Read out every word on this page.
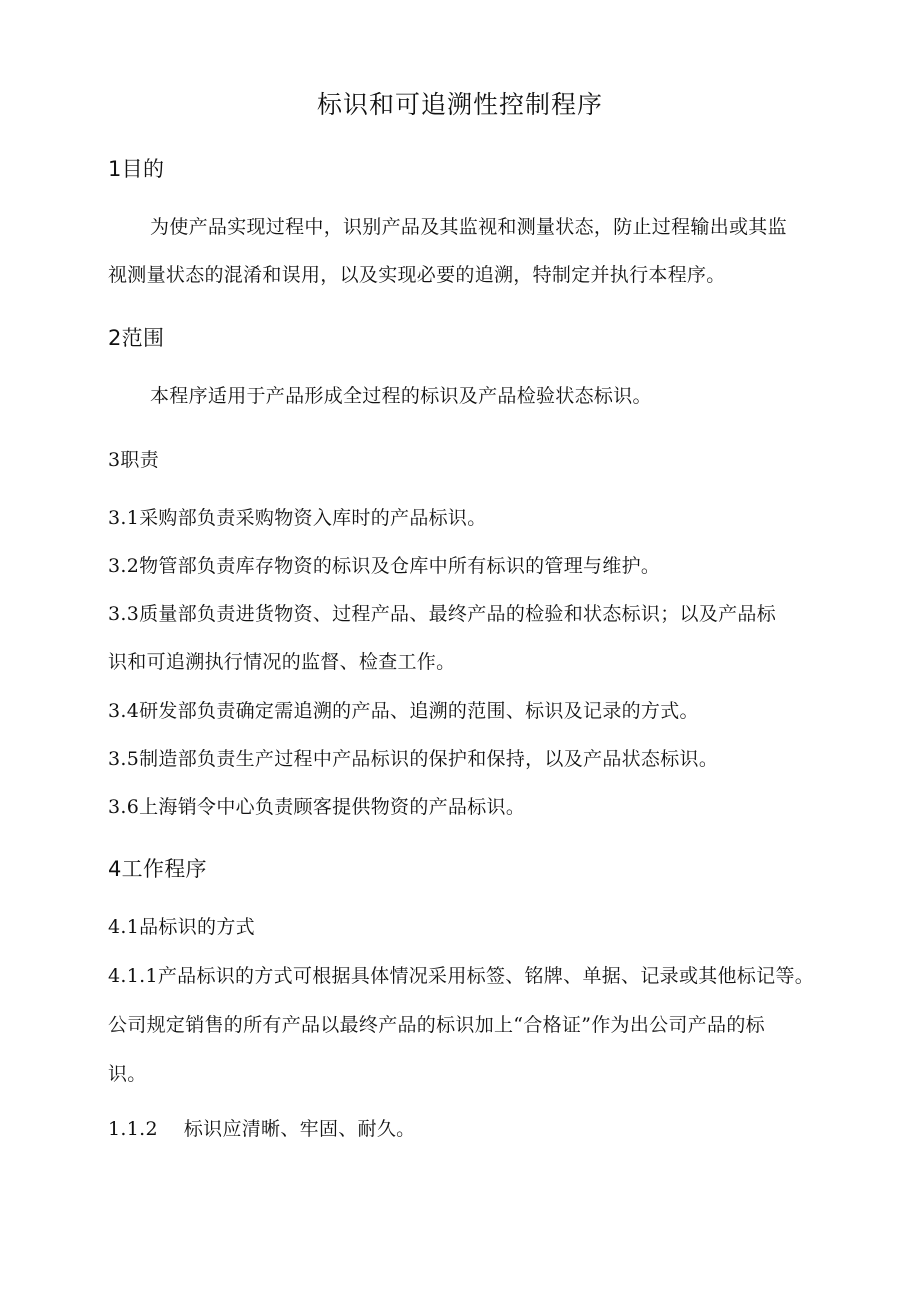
标识和可追溯性控制程序
1目的
为使产品实现过程中，识别产品及其监视和测量状态，防止过程输出或其监
视测量状态的混淆和误用，以及实现必要的追溯，特制定并执行本程序。
2范围
本程序适用于产品形成全过程的标识及产品检验状态标识。
3职责
3.1采购部负责采购物资入库时的产品标识。
3.2物管部负责库存物资的标识及仓库中所有标识的管理与维护。
3.3质量部负责进货物资、过程产品、最终产品的检验和状态标识；以及产品标
识和可追溯执行情况的监督、检查工作。
3.4研发部负责确定需追溯的产品、追溯的范围、标识及记录的方式。
3.5制造部负责生产过程中产品标识的保护和保持，以及产品状态标识。
3.6上海销令中心负责顾客提供物资的产品标识。
4工作程序
4.1品标识的方式
4.1.1产品标识的方式可根据具体情况采用标签、铭牌、单据、记录或其他标记等。
公司规定销售的所有产品以最终产品的标识加上“合格证”作为出公司产品的标
识。
1.1.2 标识应清晰、牢固、耐久。
